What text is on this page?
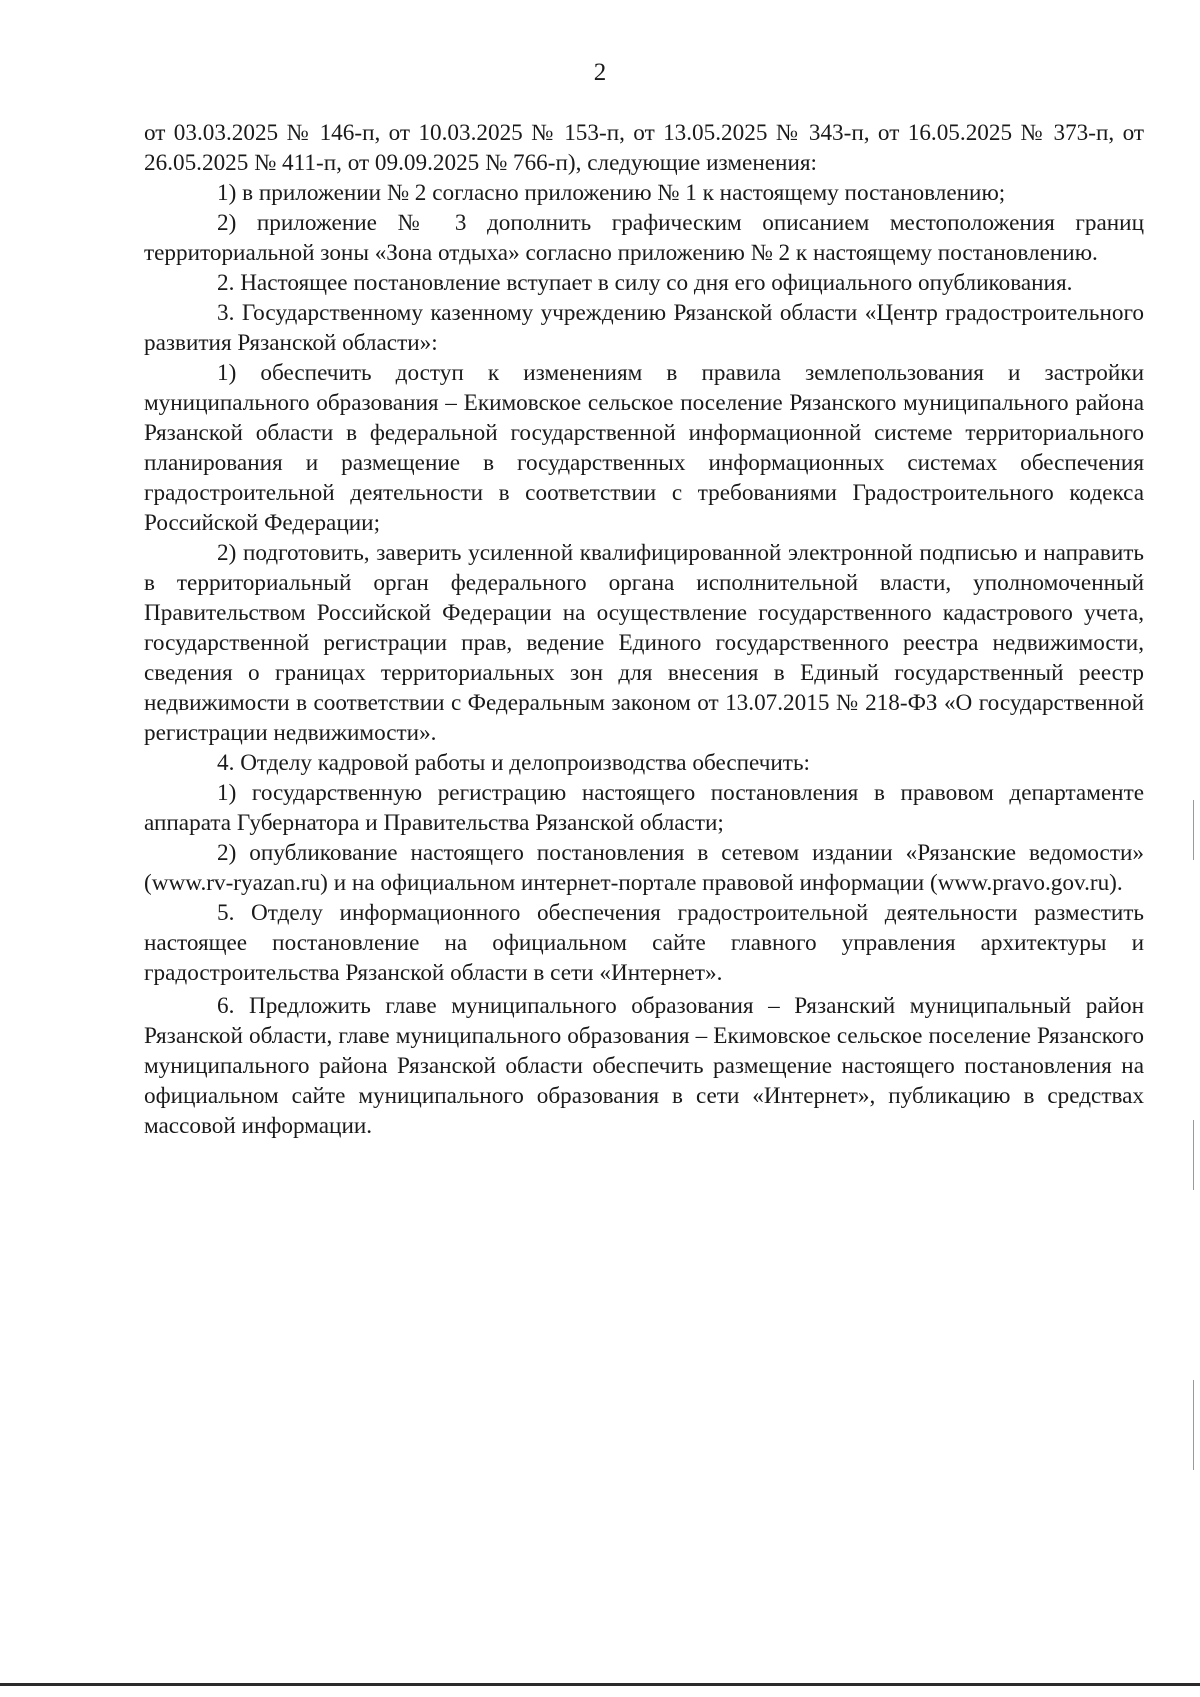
2

от 03.03.2025 № 146-п, от 10.03.2025 № 153-п, от 13.05.2025 № 343-п, от 16.05.2025 № 373-п, от 26.05.2025 № 411-п, от 09.09.2025 № 766-п), следующие изменения:

1) в приложении № 2 согласно приложению № 1 к настоящему постановлению;

2) приложение № 3 дополнить графическим описанием местоположения границ территориальной зоны «Зона отдыха» согласно приложению № 2 к настоящему постановлению.

2. Настоящее постановление вступает в силу со дня его официального опубликования.

3. Государственному казенному учреждению Рязанской области «Центр градостроительного развития Рязанской области»:

1) обеспечить доступ к изменениям в правила землепользования и застройки муниципального образования – Екимовское сельское поселение Рязанского муниципального района Рязанской области в федеральной государственной информационной системе территориального планирования и размещение в государственных информационных системах обеспечения градостроительной деятельности в соответствии с требованиями Градостроительного кодекса Российской Федерации;

2) подготовить, заверить усиленной квалифицированной электронной подписью и направить в территориальный орган федерального органа исполнительной власти, уполномоченный Правительством Российской Федерации на осуществление государственного кадастрового учета, государственной регистрации прав, ведение Единого государственного реестра недвижимости, сведения о границах территориальных зон для внесения в Единый государственный реестр недвижимости в соответствии с Федеральным законом от 13.07.2015 № 218-ФЗ «О государственной регистрации недвижимости».

4. Отделу кадровой работы и делопроизводства обеспечить:

1) государственную регистрацию настоящего постановления в правовом департаменте аппарата Губернатора и Правительства Рязанской области;

2) опубликование настоящего постановления в сетевом издании «Рязанские ведомости» (www.rv-ryazan.ru) и на официальном интернет-портале правовой информации (www.pravo.gov.ru).

5. Отделу информационного обеспечения градостроительной деятельности разместить настоящее постановление на официальном сайте главного управления архитектуры и градостроительства Рязанской области в сети «Интернет».

6. Предложить главе муниципального образования – Рязанский муниципальный район Рязанской области, главе муниципального образования – Екимовское сельское поселение Рязанского муниципального района Рязанской области обеспечить размещение настоящего постановления на официальном сайте муниципального образования в сети «Интернет», публикацию в средствах массовой информации.
